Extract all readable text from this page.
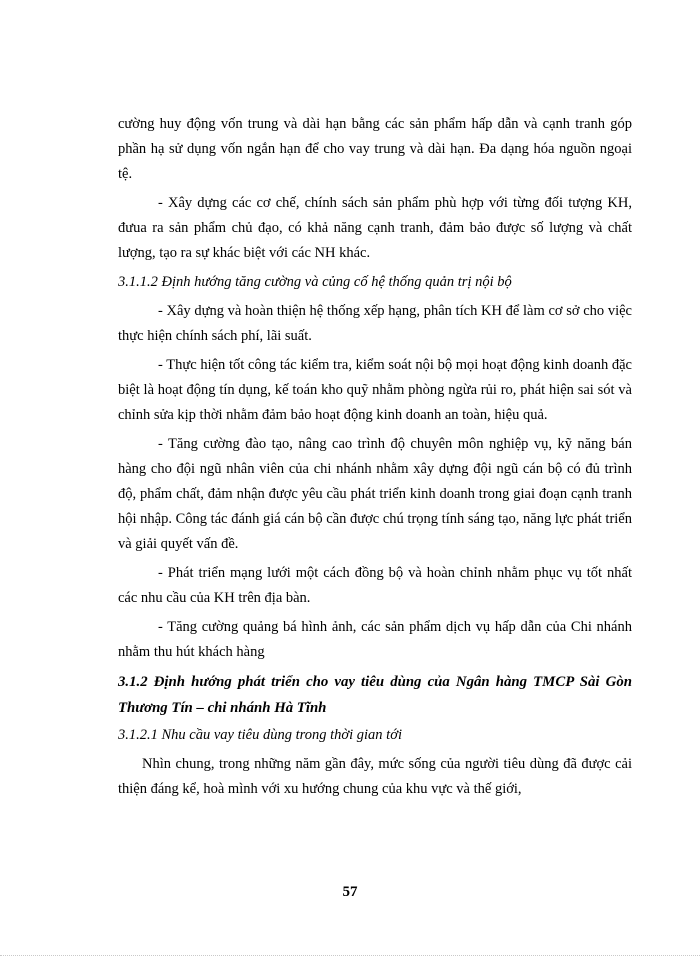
cường huy động vốn trung và dài hạn bằng các sản phẩm hấp dẫn và cạnh tranh góp phần hạ sử dụng vốn ngắn hạn để cho vay trung và dài hạn. Đa dạng hóa nguồn ngoại tệ.

- Xây dựng các cơ chế, chính sách sản phẩm phù hợp với từng đối tượng KH, đưua ra sản phẩm chủ đạo, có khả năng cạnh tranh, đảm bảo được số lượng và chất lượng, tạo ra sự khác biệt với các NH khác.

3.1.1.2 Định hướng tăng cường và củng cố hệ thống quản trị nội bộ

- Xây dựng và hoàn thiện hệ thống xếp hạng, phân tích KH để làm cơ sở cho việc thực hiện chính sách phí, lãi suất.

- Thực hiện tốt công tác kiểm tra, kiểm soát nội bộ mọi hoạt động kinh doanh đặc biệt là hoạt động tín dụng, kế toán kho quỹ nhằm phòng ngừa rủi ro, phát hiện sai sót và chỉnh sửa kịp thời nhằm đảm bảo hoạt động kinh doanh an toàn, hiệu quả.

- Tăng cường đào tạo, nâng cao trình độ chuyên môn nghiệp vụ, kỹ năng bán hàng cho đội ngũ nhân viên của chi nhánh nhằm xây dựng đội ngũ cán bộ có đủ trình độ, phẩm chất, đảm nhận được yêu cầu phát triển kinh doanh trong giai đoạn cạnh tranh hội nhập. Công tác đánh giá cán bộ cần được chú trọng tính sáng tạo, năng lực phát triển và giải quyết vấn đề.

- Phát triển mạng lưới một cách đồng bộ và hoàn chỉnh nhằm phục vụ tốt nhất các nhu cầu của KH trên địa bàn.

- Tăng cường quảng bá hình ảnh, các sản phẩm dịch vụ hấp dẫn của Chi nhánh nhằm thu hút khách hàng

3.1.2 Định hướng phát triển cho vay tiêu dùng của Ngân hàng TMCP Sài Gòn Thương Tín – chi nhánh Hà Tĩnh

3.1.2.1 Nhu cầu vay tiêu dùng trong thời gian tới

Nhìn chung, trong những năm gần đây, mức sống của người tiêu dùng đã được cải thiện đáng kể, hoà mình với xu hướng chung của khu vực và thế giới,

57
